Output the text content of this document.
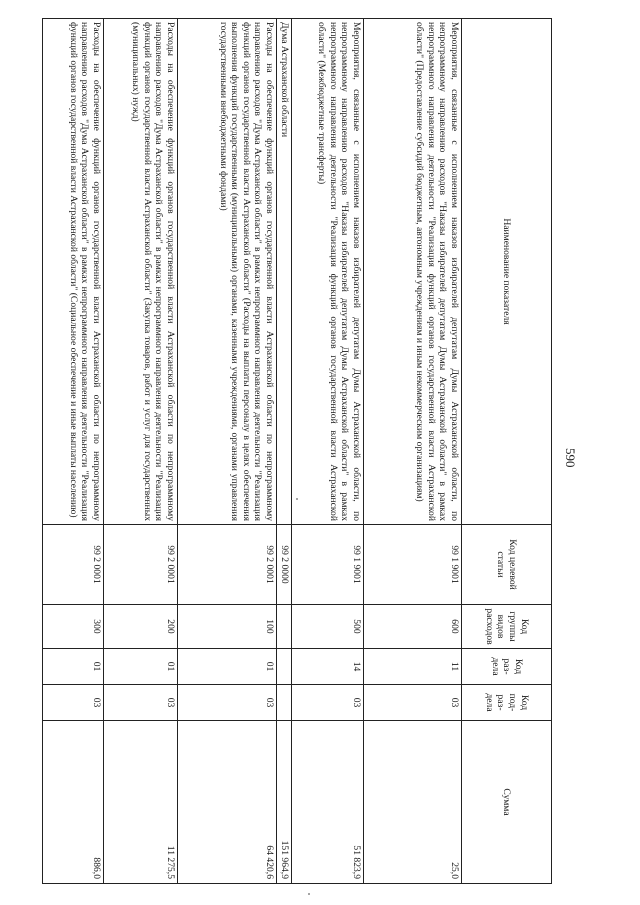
590
Наименование показателя	Код целевой статьи	Код группы видов расходов	Код раз-дела	Код под-раз-дела	Сумма
Мероприятия, связанные с исполнением наказов избирателей депутатам Думы Астраханской области, по непрограммному направлению расходов "Наказы избирателей депутатам Думы Астраханской области" в рамках непрограммного направления деятельности "Реализация функций органов государственной власти Астраханской области" (Предоставление субсидий бюджетным, автономным учреждениям и иным некоммерческим организациям)	99 1 9001	600	11	03	25,0
Мероприятия, связанные с исполнением наказов избирателей депутатам Думы Астраханской области, по непрограммному направлению расходов "Наказы избирателей депутатам Думы Астраханской области" в рамках непрограммного направления деятельности "Реализация функций органов государственной власти Астраханской области" (Межбюджетные трансферты)	99 1 9001	500	14	03	51 823,9
Дума Астраханской области	99 2 0000				151 964,9
Расходы на обеспечение функций органов государственной власти Астраханской области по непрограммному направлению расходов "Дума Астраханской области" в рамках непрограммного направления деятельности "Реализация функций органов государственной власти Астраханской области" (Расходы на выплаты персоналу в целях обеспечения выполнения функций государственными (муниципальными) органами, казенными учреждениями, органами управления государственными внебюджетными фондами)	99 2 0001	100	01	03	64 420,6
Расходы на обеспечение функций органов государственной власти Астраханской области по непрограммному направлению расходов "Дума Астраханской области" в рамках непрограммного направления деятельности "Реализация функций органов государственной власти Астраханской области" (Закупка товаров, работ и услуг для государственных (муниципальных) нужд)	99 2 0001	200	01	03	11 275,5
Расходы на обеспечение функций органов государственной власти Астраханской области по непрограммному направлению расходов "Дума Астраханской области" в рамках непрограммного направления деятельности "Реализация функций органов государственной власти Астраханской области" (Социальное обеспечение и иные выплаты населению)	99 2 0001	300	01	03	886,0
